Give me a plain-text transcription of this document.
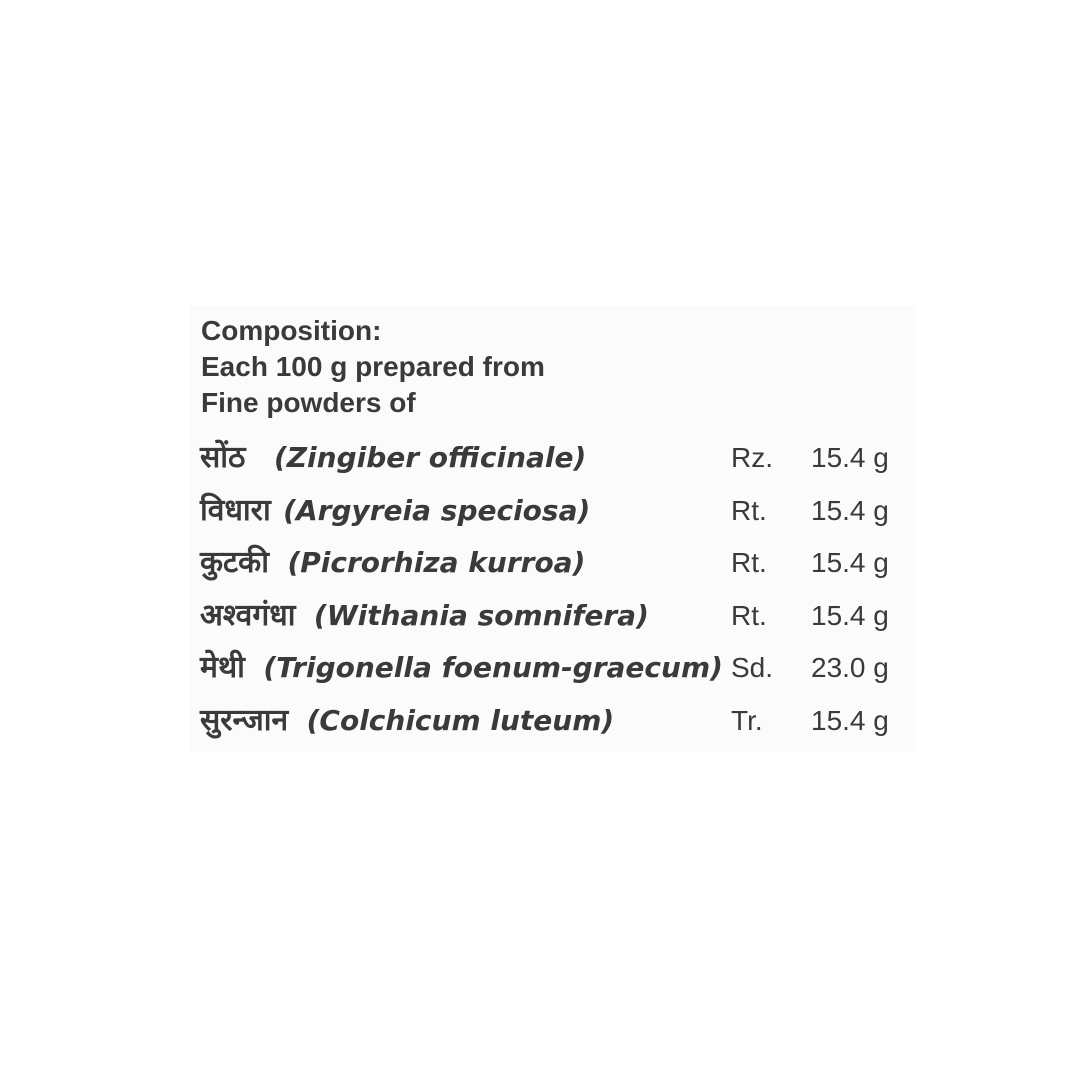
Composition:
Each 100 g prepared from
Fine powders of
सोंठ (Zingiber officinale)	Rz. 15.4 g
विधारा (Argyreia speciosa)	Rt. 15.4 g
कुटकी (Picrorhiza kurroa)	Rt. 15.4 g
अश्वगंधा (Withania somnifera)	Rt. 15.4 g
मेथी (Trigonella foenum-graecum) Sd. 23.0 g
सुरन्जान (Colchicum luteum)	Tr. 15.4 g
